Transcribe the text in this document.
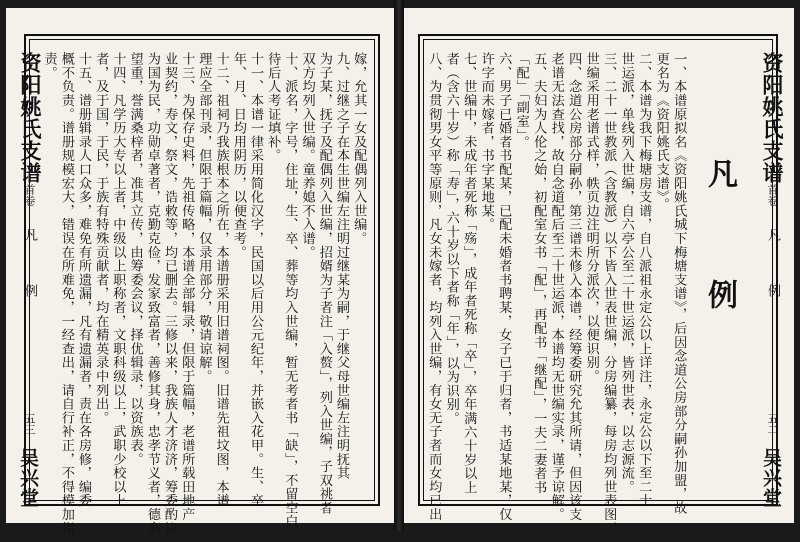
资阳姚氏支谱
首卷
凡 例
五三
吴兴堂
嫁，允其一女及配偶列入世编。
九、过继之子在本生世编左注明过继某为嗣，于继父母世编左注明抚其
为子某，抚子及配偶列入世编，招婿为子者注「入赘」，列入世编，子双祧者
双方均列入世编。童养媳不入谱。
十、派名，字号，住址，生、卒、葬等均入世编，暂无考者书「缺」，不留空白，
待后人考证填补。
十一、本谱一律采用简化汉字，民国以后用公元纪年，并嵌入花甲。生、卒
年、月、日均用阴历，以便查考。
十二、祖祠乃我族根本之所在，本谱册采用旧谱祠图。旧谱先祖坟图，本谱
理应全部刊录，但限于篇幅，仅录用部分，敬请谅解。
十三、为保存史料，先祖传略，本谱全部辑录，但限于篇幅，老谱所载田地产
业契约，寿文，祭文，诰敕等，均已删去。三修以来，我族人才济济，筹委酌议
为国为民，功勋卓著者，克勤克俭，发家致富者，善修其身，忠孝节义者，德高
望重，誉满桑梓者，准其立传，由筹委会议，择优辑录，以资族表。
十四、凡学历大专以上者，中级以上职称者，文职科级以上，武职少校以上
者，及于国，于民，于族有特殊贡献者，均在精英录中列出。
十五、谱册辑录人口众多，难免有所遗漏，凡有遗漏者，责在各房修，编委
概不负责。谱册规模宏大，错误在所难免，一经查出，请自行补正，不得模加指
责。
凡 例
资阳姚氏支谱
首卷
凡 例
五二
吴兴堂
一、本谱原拟名《资阳姚氏城下梅塘支谱》，后因念道公房部分嗣孙加盟，故
更名为《资阳姚氏支谱》。
二、本谱为我下梅塘房支谱，自八派祖永定公以上详注，永定公以下至二十
世运派，单线列入世编，自六亭公至二十世运派，皆列世表，以志源流。
三、二十一世教派（含教派）以下皆入世表世编，分房编纂，每房均列世表图，
世编采用老谱式样，帙页边注明所分派次，以便识别。
四、念道公房部分嗣孙，第三谱未修入本谱，经筹委研究允其所请，但因该支
老谱无法查找，故自念道配后至二十世运派，本谱均无世编实录，谨予谅解。
五、夫妇为人伦之始，初配室女书「配」，再配书「继配」，一夫二妻者书
「配」「副室」。
六、男子已婚者书配某，已配未婚者书聘某，女子已于归者，书适某地某，仅
许字而未嫁者，书字某地某。
七、世编中，未成年者死称「殇」，成年者死称「卒」，卒年满六十岁以上
者（含六十岁）称「寿」，六十岁以下者称「年」，以为识别。
八、为贯彻男女平等原则，凡女未嫁者，均列入世编，有女无子者而女均已出
